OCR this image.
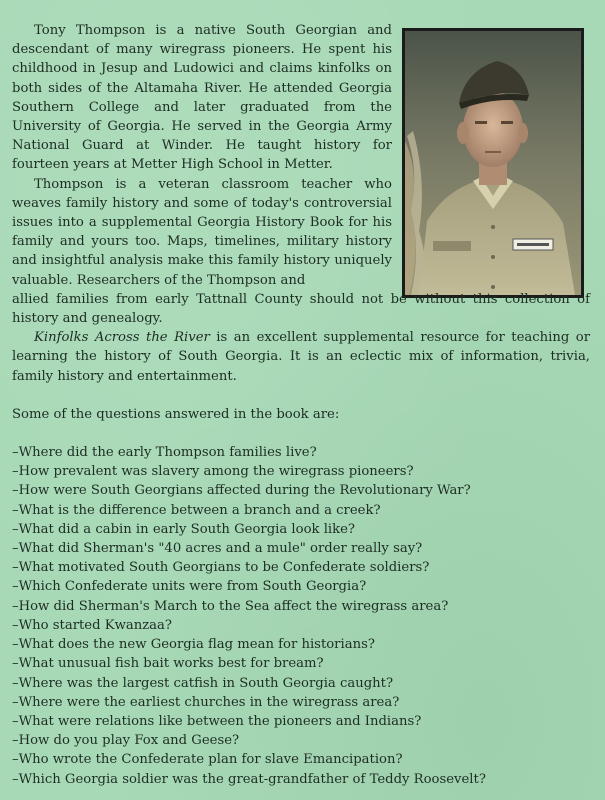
Tony Thompson is a native South Georgian and descendant of many wiregrass pioneers. He spent his childhood in Jesup and Ludowici and claims kinfolks on both sides of the Altamaha River. He attended Georgia Southern College and later graduated from the University of Georgia. He served in the Georgia Army National Guard at Winder. He taught history for fourteen years at Metter High School in Metter.

Thompson is a veteran classroom teacher who weaves family history and some of today's controversial issues into a supplemental Georgia History Book for his family and yours too. Maps, timelines, military history and insightful analysis make this family history uniquely valuable. Researchers of the Thompson and

allied families from early Tattnall County should not be without this collection of history and genealogy.

Kinfolks Across the River is an excellent supplemental resource for teaching or learning the history of South Georgia. It is an eclectic mix of information, trivia, family history and entertainment.

Some of the questions answered in the book are:

–Where did the early Thompson families live?
–How prevalent was slavery among the wiregrass pioneers?
–How were South Georgians affected during the Revolutionary War?
–What is the difference between a branch and a creek?
–What did a cabin in early South Georgia look like?
–What did Sherman's "40 acres and a mule" order really say?
–What motivated South Georgians to be Confederate soldiers?
–Which Confederate units were from South Georgia?
–How did Sherman's March to the Sea affect the wiregrass area?
–Who started Kwanzaa?
–What does the new Georgia flag mean for historians?
–What unusual fish bait works best for bream?
–Where was the largest catfish in South Georgia caught?
–Where were the earliest churches in the wiregrass area?
–What were relations like between the pioneers and Indians?
–How do you play Fox and Geese?
–Who wrote the Confederate plan for slave Emancipation?
–Which Georgia soldier was the great-grandfather of Teddy Roosevelt?
